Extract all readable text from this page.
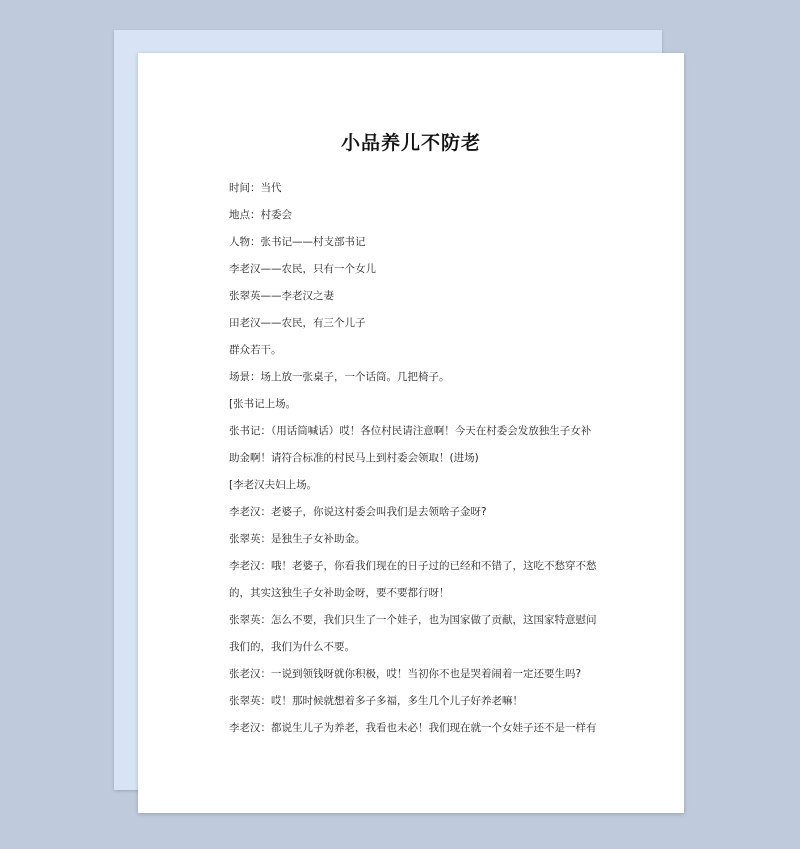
小品养儿不防老
时间：当代
地点：村委会
人物：张书记——村支部书记
李老汉——农民，只有一个女儿
张翠英——李老汉之妻
田老汉——农民，有三个儿子
群众若干。
场景：场上放一张桌子，一个话筒。几把椅子。
[张书记上场。
张书记：（用话筒喊话）哎！各位村民请注意啊！今天在村委会发放独生子女补
助金啊！请符合标准的村民马上到村委会领取！(进场)
[李老汉夫妇上场。
李老汉：老婆子，你说这村委会叫我们是去领啥子金呀?
张翠英：是独生子女补助金。
李老汉：哦！老婆子，你看我们现在的日子过的已经和不错了，这吃不愁穿不愁
的，其实这独生子女补助金呀，要不要都行呀！
张翠英：怎么不要，我们只生了一个娃子，也为国家做了贡献，这国家特意慰问
我们的，我们为什么不要。
张老汉：一说到领钱呀就你积极，哎！当初你不也是哭着闹着一定还要生吗?
张翠英：哎！那时候就想着多子多福，多生几个儿子好养老嘛！
李老汉：都说生儿子为养老，我看也未必！我们现在就一个女娃子还不是一样有
